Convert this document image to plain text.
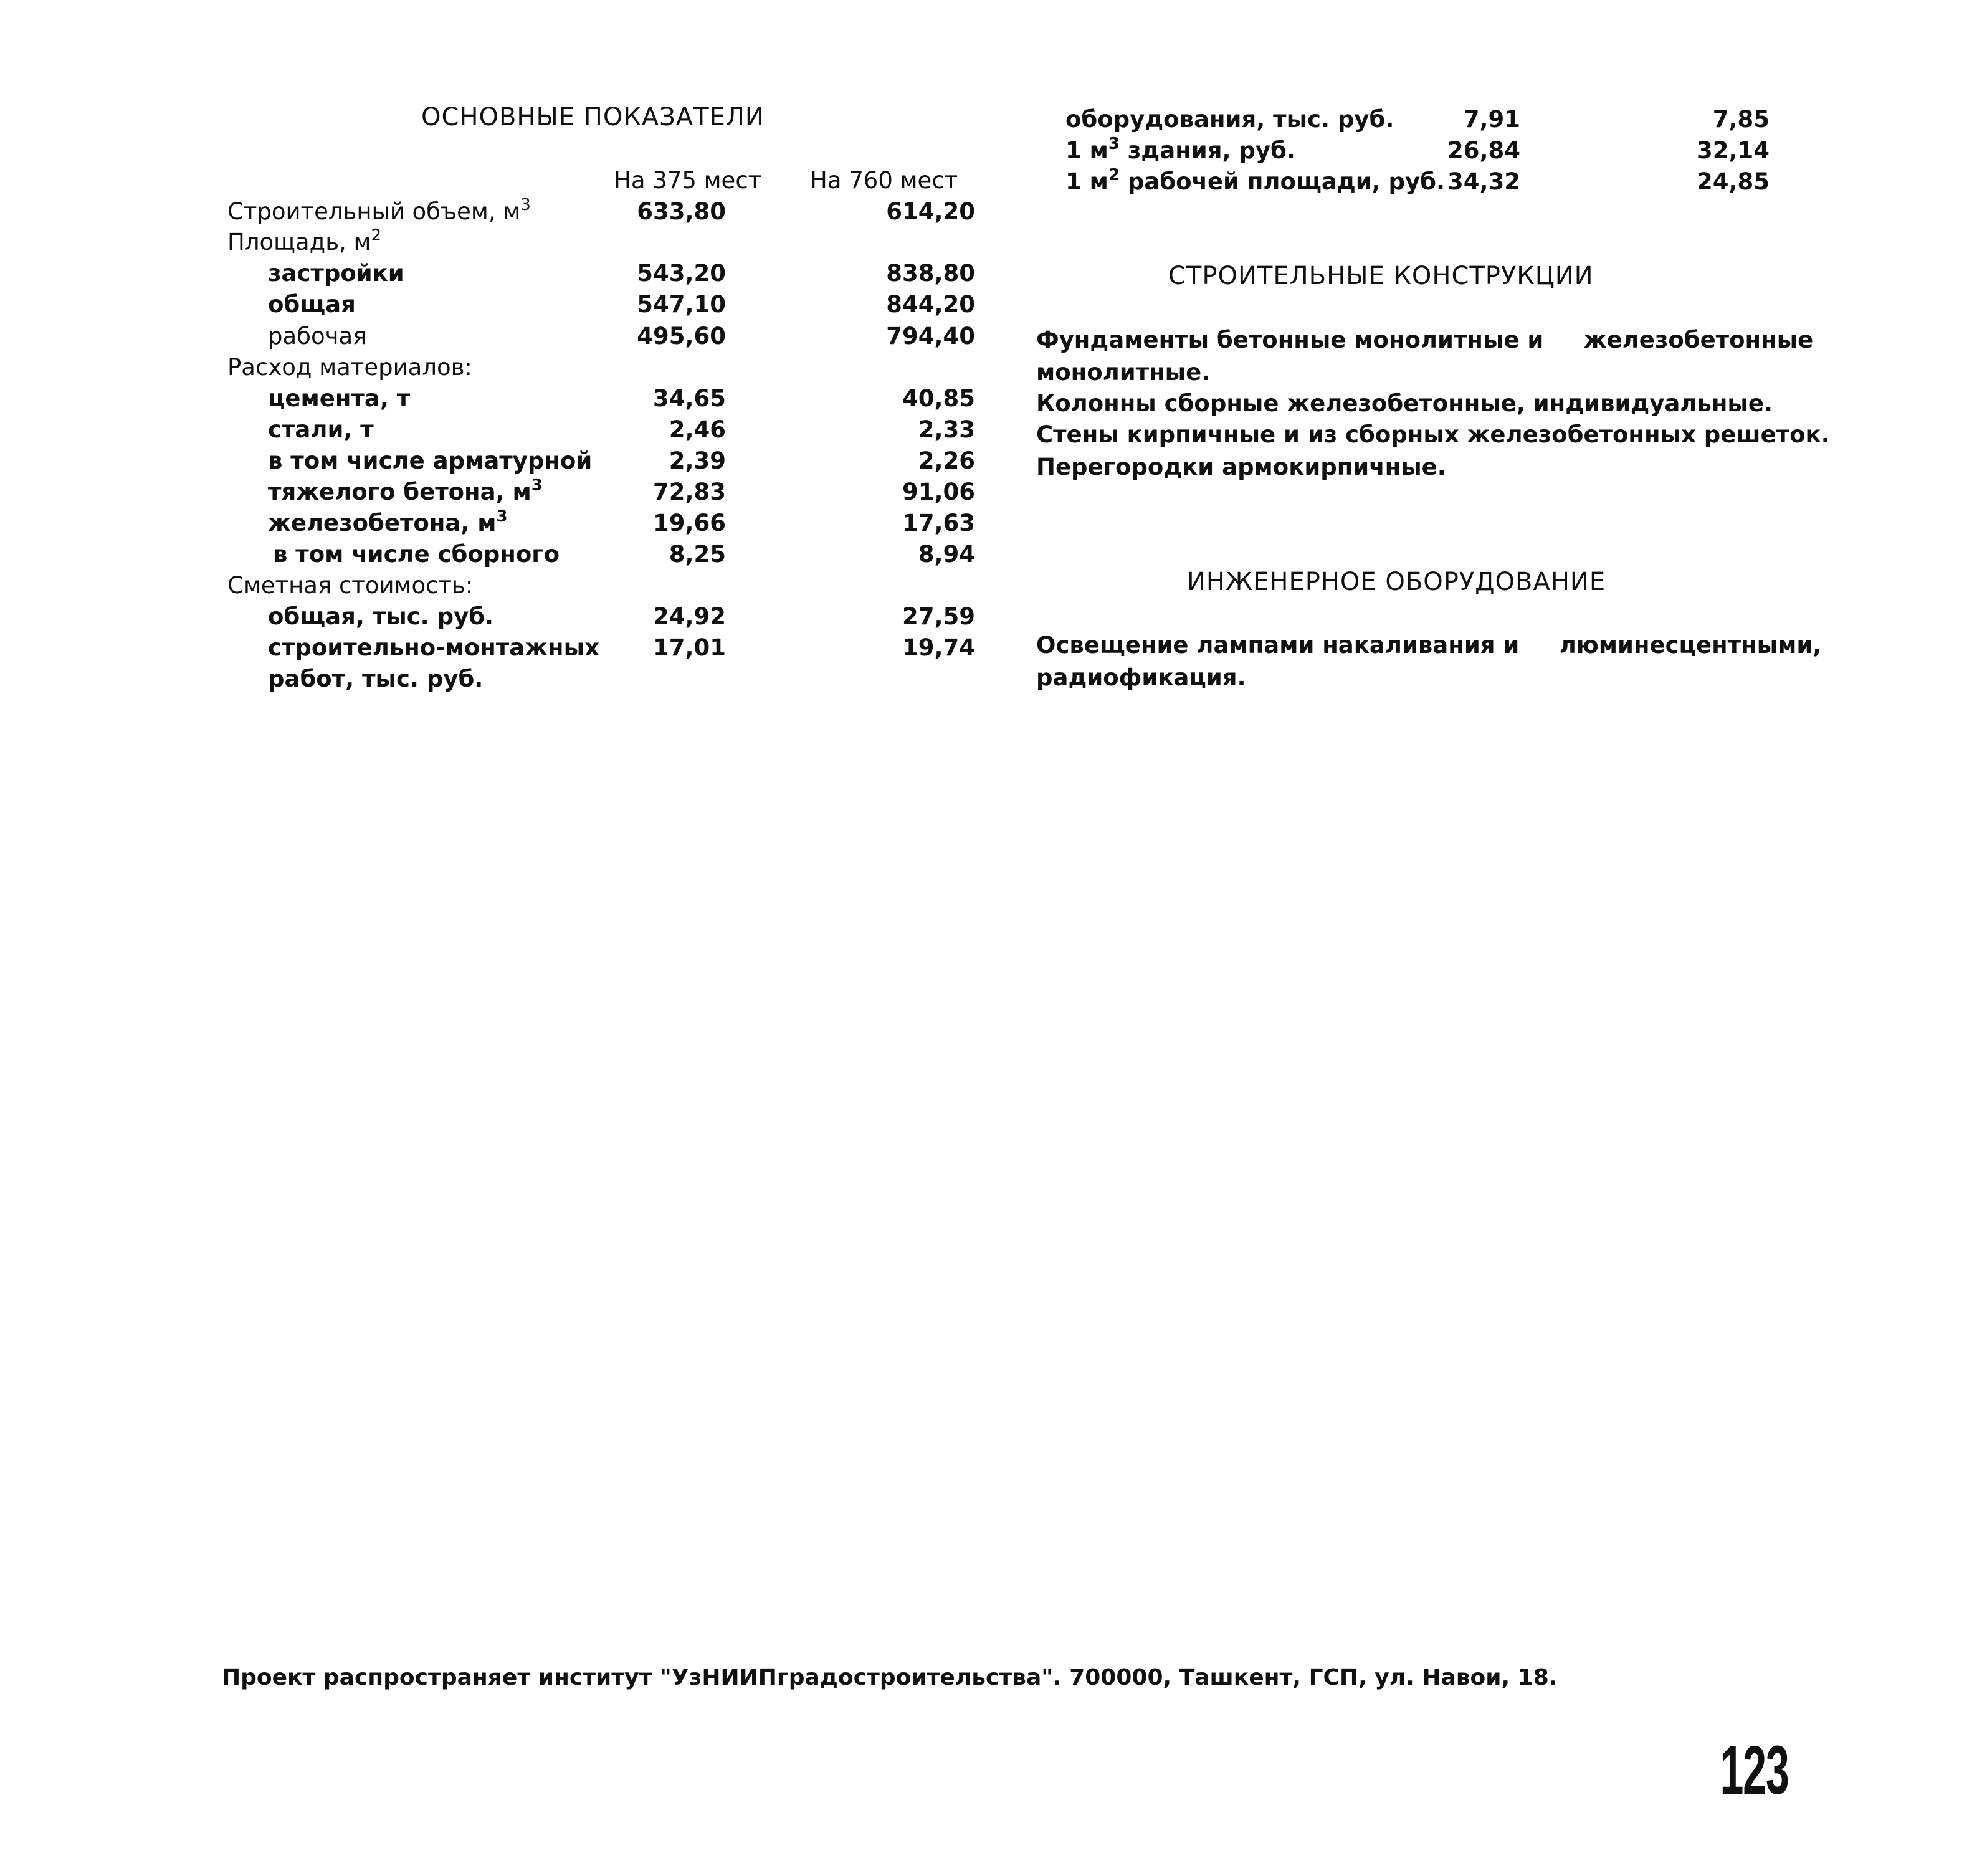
ОСНОВНЫЕ ПОКАЗАТЕЛИ
На 375 мест На 760 мест
Строительный объем, $м^3$	633,80	614,20
Площадь, $м^2$
застройки	543,20	838,80
общая	547,10	844,20
рабочая	495,60	794,40
Расход материалов:
цемента, т	34,65	40,85
стали, т	2,46	2,33
в том числе арматурной	2,39	2,26
тяжелого бетона, $м^3$	72,83	91,06
железобетона, $м^3$	19,66	17,63
в том числе сборного	8,25	8,94
Сметная стоимость:
общая, тыс. руб.	24,92	27,59
строительно-монтажных	17,01	19,74
работ, тыс. руб.
оборудования, тыс. руб.	7,91	7,85
1 $м^3$ здания, руб.	26,84	32,14
1 $м^2$ рабочей площади, руб. 34,32	24,85
СТРОИТЕЛЬНЫЕ КОНСТРУКЦИИ
Фундаменты бетонные монолитные и     железобетонные
монолитные.
Колонны сборные железобетонные, индивидуальные.
Стены кирпичные и из сборных железобетонных решеток.
Перегородки армокирпичные.
ИНЖЕНЕРНОЕ ОБОРУДОВАНИЕ
Освещение лампами накаливания и     люминесцентными,
радиофикация.
Проект распространяет институт "УзНИИПградостроительства". 700000, Ташкент, ГСП, ул. Навои, 18.
123
